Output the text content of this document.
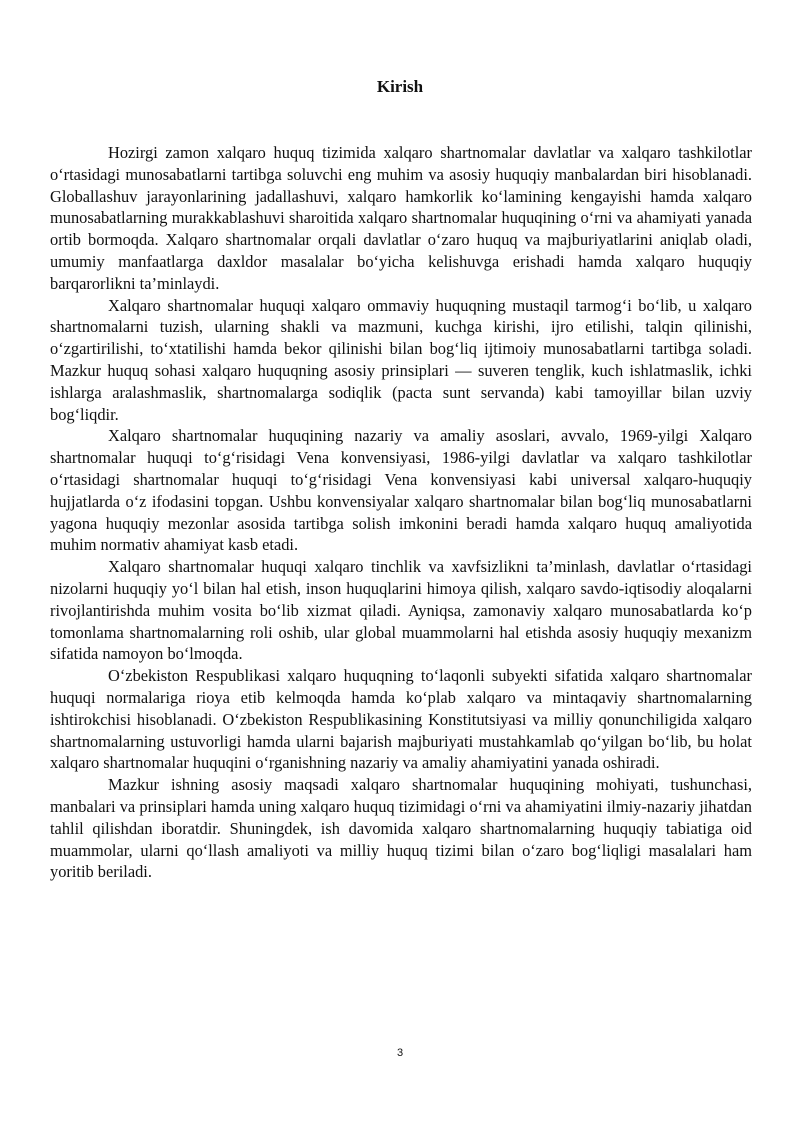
Kirish

Hozirgi zamon xalqaro huquq tizimida xalqaro shartnomalar davlatlar va xalqaro tashkilotlar o‘rtasidagi munosabatlarni tartibga soluvchi eng muhim va asosiy huquqiy manbalardan biri hisoblanadi. Globallashuv jarayonlarining jadallashuvi, xalqaro hamkorlik ko‘lamining kengayishi hamda xalqaro munosabatlarning murakkablashuvi sharoitida xalqaro shartnomalar huquqining o‘rni va ahamiyati yanada ortib bormoqda. Xalqaro shartnomalar orqali davlatlar o‘zaro huquq va majburiyatlarini aniqlab oladi, umumiy manfaatlarga daxldor masalalar bo‘yicha kelishuvga erishadi hamda xalqaro huquqiy barqarorlikni ta’minlaydi.

Xalqaro shartnomalar huquqi xalqaro ommaviy huquqning mustaqil tarmog‘i bo‘lib, u xalqaro shartnomalarni tuzish, ularning shakli va mazmuni, kuchga kirishi, ijro etilishi, talqin qilinishi, o‘zgartirilishi, to‘xtatilishi hamda bekor qilinishi bilan bog‘liq ijtimoiy munosabatlarni tartibga soladi. Mazkur huquq sohasi xalqaro huquqning asosiy prinsiplari — suveren tenglik, kuch ishlatmaslik, ichki ishlarga aralashmaslik, shartnomalarga sodiqlik (pacta sunt servanda) kabi tamoyillar bilan uzviy bog‘liqdir.

Xalqaro shartnomalar huquqining nazariy va amaliy asoslari, avvalo, 1969-yilgi Xalqaro shartnomalar huquqi to‘g‘risidagi Vena konvensiyasi, 1986-yilgi davlatlar va xalqaro tashkilotlar o‘rtasidagi shartnomalar huquqi to‘g‘risidagi Vena konvensiyasi kabi universal xalqaro-huquqiy hujjatlarda o‘z ifodasini topgan. Ushbu konvensiyalar xalqaro shartnomalar bilan bog‘liq munosabatlarni yagona huquqiy mezonlar asosida tartibga solish imkonini beradi hamda xalqaro huquq amaliyotida muhim normativ ahamiyat kasb etadi.

Xalqaro shartnomalar huquqi xalqaro tinchlik va xavfsizlikni ta’minlash, davlatlar o‘rtasidagi nizolarni huquqiy yo‘l bilan hal etish, inson huquqlarini himoya qilish, xalqaro savdo-iqtisodiy aloqalarni rivojlantirishda muhim vosita bo‘lib xizmat qiladi. Ayniqsa, zamonaviy xalqaro munosabatlarda ko‘p tomonlama shartnomalarning roli oshib, ular global muammolarni hal etishda asosiy huquqiy mexanizm sifatida namoyon bo‘lmoqda.

O‘zbekiston Respublikasi xalqaro huquqning to‘laqonli subyekti sifatida xalqaro shartnomalar huquqi normalariga rioya etib kelmoqda hamda ko‘plab xalqaro va mintaqaviy shartnomalarning ishtirokchisi hisoblanadi. O‘zbekiston Respublikasining Konstitutsiyasi va milliy qonunchiligida xalqaro shartnomalarning ustuvorligi hamda ularni bajarish majburiyati mustahkamlab qo‘yilgan bo‘lib, bu holat xalqaro shartnomalar huquqini o‘rganishning nazariy va amaliy ahamiyatini yanada oshiradi.

Mazkur ishning asosiy maqsadi xalqaro shartnomalar huquqining mohiyati, tushunchasi, manbalari va prinsiplari hamda uning xalqaro huquq tizimidagi o‘rni va ahamiyatini ilmiy-nazariy jihatdan tahlil qilishdan iboratdir. Shuningdek, ish davomida xalqaro shartnomalarning huquqiy tabiatiga oid muammolar, ularni qo‘llash amaliyoti va milliy huquq tizimi bilan o‘zaro bog‘liqligi masalalari ham yoritib beriladi.

3
